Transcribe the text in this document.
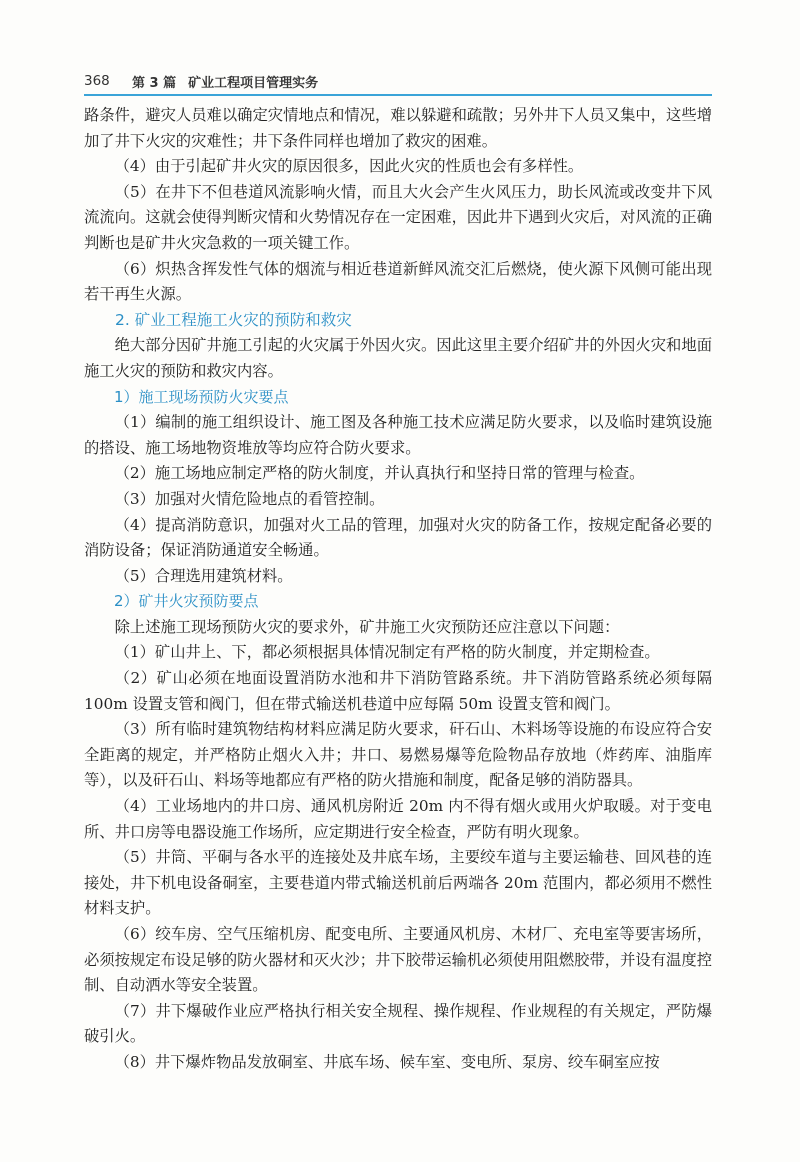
368	第 3 篇 矿业工程项目管理实务

路条件，避灾人员难以确定灾情地点和情况，难以躲避和疏散；另外井下人员又集中，这些增加了井下火灾的灾难性；井下条件同样也增加了救灾的困难。

（4）由于引起矿井火灾的原因很多，因此火灾的性质也会有多样性。

（5）在井下不但巷道风流影响火情，而且大火会产生火风压力，助长风流或改变井下风流流向。这就会使得判断灾情和火势情况存在一定困难，因此井下遇到火灾后，对风流的正确判断也是矿井火灾急救的一项关键工作。

（6）炽热含挥发性气体的烟流与相近巷道新鲜风流交汇后燃烧，使火源下风侧可能出现若干再生火源。

2. 矿业工程施工火灾的预防和救灾

绝大部分因矿井施工引起的火灾属于外因火灾。因此这里主要介绍矿井的外因火灾和地面施工火灾的预防和救灾内容。

1）施工现场预防火灾要点

（1）编制的施工组织设计、施工图及各种施工技术应满足防火要求，以及临时建筑设施的搭设、施工场地物资堆放等均应符合防火要求。

（2）施工场地应制定严格的防火制度，并认真执行和坚持日常的管理与检查。

（3）加强对火情危险地点的看管控制。

（4）提高消防意识，加强对火工品的管理，加强对火灾的防备工作，按规定配备必要的消防设备；保证消防通道安全畅通。

（5）合理选用建筑材料。

2）矿井火灾预防要点

除上述施工现场预防火灾的要求外，矿井施工火灾预防还应注意以下问题：

（1）矿山井上、下，都必须根据具体情况制定有严格的防火制度，并定期检查。

（2）矿山必须在地面设置消防水池和井下消防管路系统。井下消防管路系统必须每隔 100m 设置支管和阀门，但在带式输送机巷道中应每隔 50m 设置支管和阀门。

（3）所有临时建筑物结构材料应满足防火要求，矸石山、木料场等设施的布设应符合安全距离的规定，并严格防止烟火入井；井口、易燃易爆等危险物品存放地（炸药库、油脂库等），以及矸石山、料场等地都应有严格的防火措施和制度，配备足够的消防器具。

（4）工业场地内的井口房、通风机房附近 20m 内不得有烟火或用火炉取暖。对于变电所、井口房等电器设施工作场所，应定期进行安全检查，严防有明火现象。

（5）井筒、平硐与各水平的连接处及井底车场，主要绞车道与主要运输巷、回风巷的连接处，井下机电设备硐室，主要巷道内带式输送机前后两端各 20m 范围内，都必须用不燃性材料支护。

（6）绞车房、空气压缩机房、配变电所、主要通风机房、木材厂、充电室等要害场所，必须按规定布设足够的防火器材和灭火沙；井下胶带运输机必须使用阻燃胶带，并设有温度控制、自动洒水等安全装置。

（7）井下爆破作业应严格执行相关安全规程、操作规程、作业规程的有关规定，严防爆破引火。

（8）井下爆炸物品发放硐室、井底车场、候车室、变电所、泵房、绞车硐室应按
